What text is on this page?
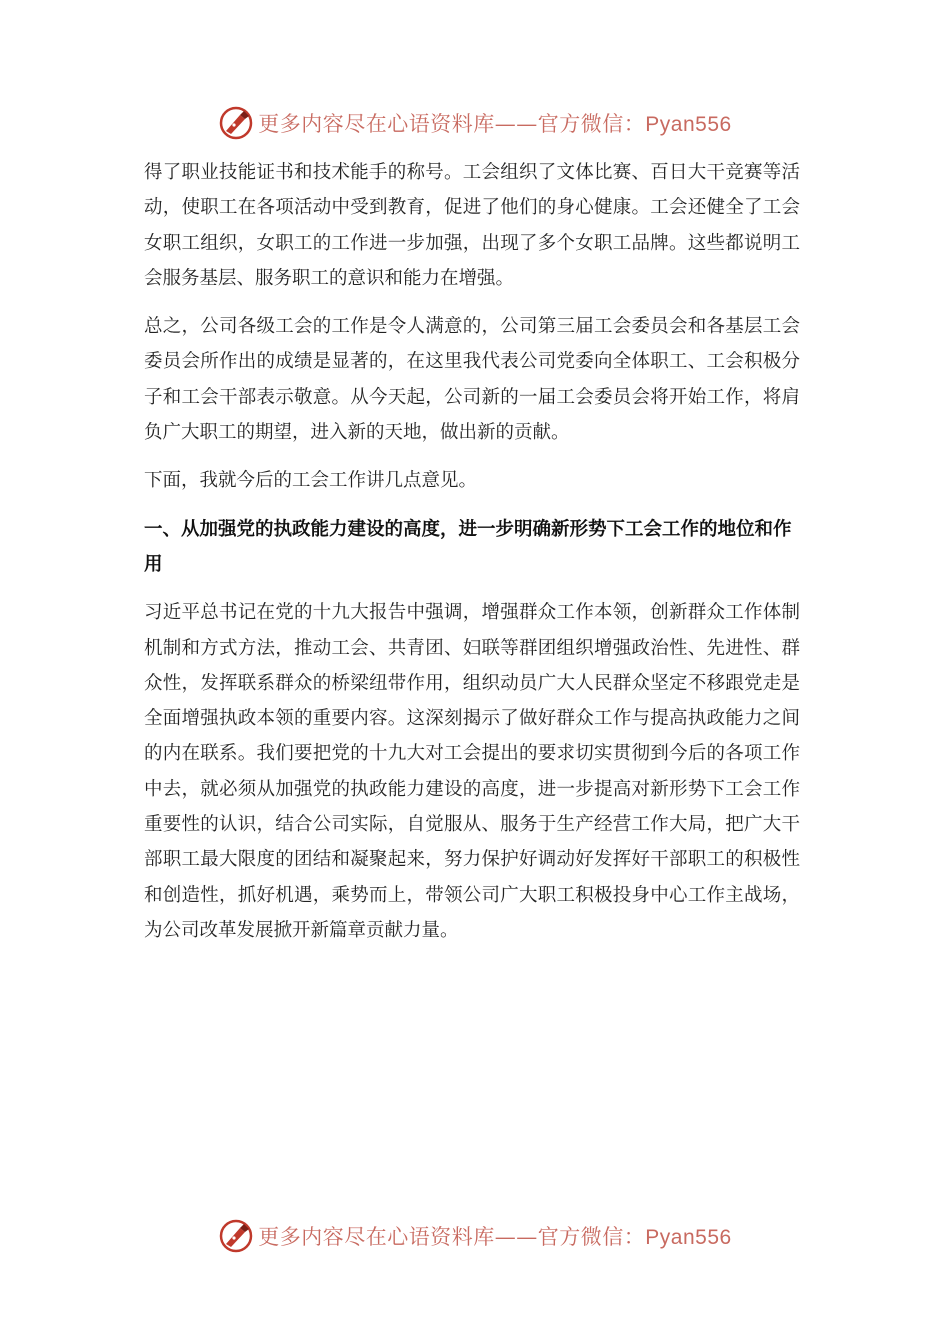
更多内容尽在心语资料库——官方微信：Pyan556

得了职业技能证书和技术能手的称号。工会组织了文体比赛、百日大干竞赛等活动，使职工在各项活动中受到教育，促进了他们的身心健康。工会还健全了工会女职工组织，女职工的工作进一步加强，出现了多个女职工品牌。这些都说明工会服务基层、服务职工的意识和能力在增强。

总之，公司各级工会的工作是令人满意的，公司第三届工会委员会和各基层工会委员会所作出的成绩是显著的，在这里我代表公司党委向全体职工、工会积极分子和工会干部表示敬意。从今天起，公司新的一届工会委员会将开始工作，将肩负广大职工的期望，进入新的天地，做出新的贡献。

下面，我就今后的工会工作讲几点意见。

一、从加强党的执政能力建设的高度，进一步明确新形势下工会工作的地位和作用

习近平总书记在党的十九大报告中强调，增强群众工作本领，创新群众工作体制机制和方式方法，推动工会、共青团、妇联等群团组织增强政治性、先进性、群众性，发挥联系群众的桥梁纽带作用，组织动员广大人民群众坚定不移跟党走是全面增强执政本领的重要内容。这深刻揭示了做好群众工作与提高执政能力之间的内在联系。我们要把党的十九大对工会提出的要求切实贯彻到今后的各项工作中去，就必须从加强党的执政能力建设的高度，进一步提高对新形势下工会工作重要性的认识，结合公司实际，自觉服从、服务于生产经营工作大局，把广大干部职工最大限度的团结和凝聚起来，努力保护好调动好发挥好干部职工的积极性和创造性，抓好机遇，乘势而上，带领公司广大职工积极投身中心工作主战场，为公司改革发展掀开新篇章贡献力量。

更多内容尽在心语资料库——官方微信：Pyan556
